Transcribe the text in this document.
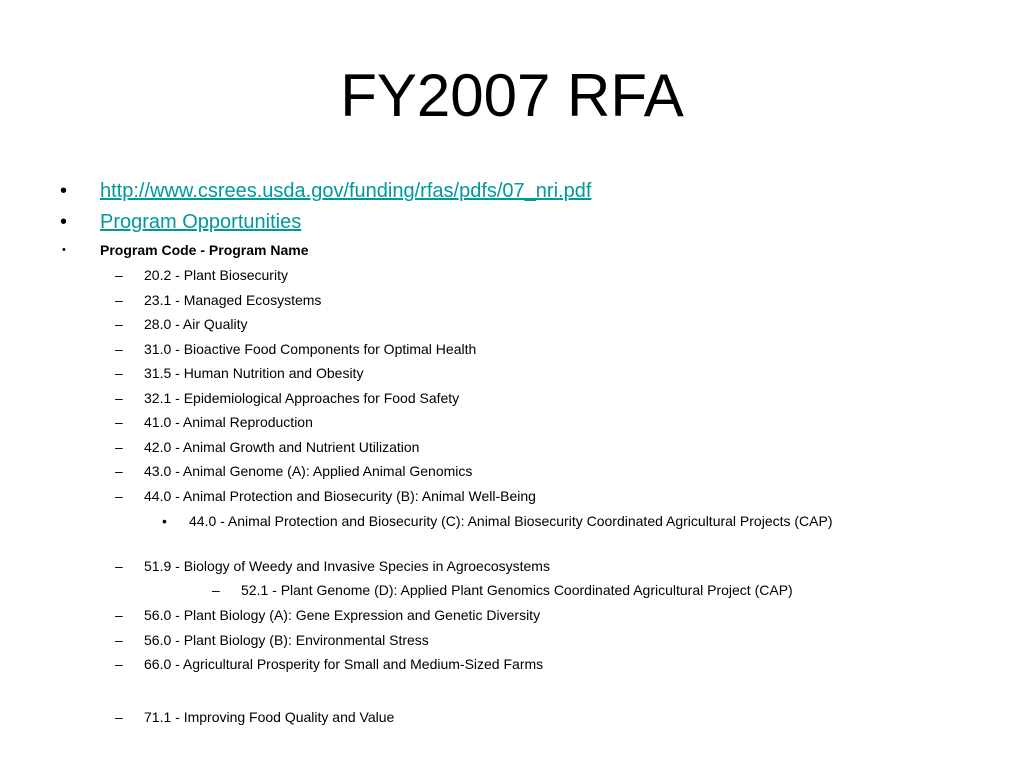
FY2007 RFA
• http://www.csrees.usda.gov/funding/rfas/pdfs/07_nri.pdf
• Program Opportunities
• Program Code - Program Name
– 20.2 - Plant Biosecurity
– 23.1 - Managed Ecosystems
– 28.0 - Air Quality
– 31.0 - Bioactive Food Components for Optimal Health
– 31.5 - Human Nutrition and Obesity
– 32.1 - Epidemiological Approaches for Food Safety
– 41.0 - Animal Reproduction
– 42.0 - Animal Growth and Nutrient Utilization
– 43.0 - Animal Genome (A): Applied Animal Genomics
– 44.0 - Animal Protection and Biosecurity (B): Animal Well-Being
• 44.0 - Animal Protection and Biosecurity (C): Animal Biosecurity Coordinated Agricultural Projects (CAP)
– 51.9 - Biology of Weedy and Invasive Species in Agroecosystems
– 52.1 - Plant Genome (D): Applied Plant Genomics Coordinated Agricultural Project (CAP)
– 56.0 - Plant Biology (A): Gene Expression and Genetic Diversity
– 56.0 - Plant Biology (B): Environmental Stress
– 66.0 - Agricultural Prosperity for Small and Medium-Sized Farms
– 71.1 - Improving Food Quality and Value
